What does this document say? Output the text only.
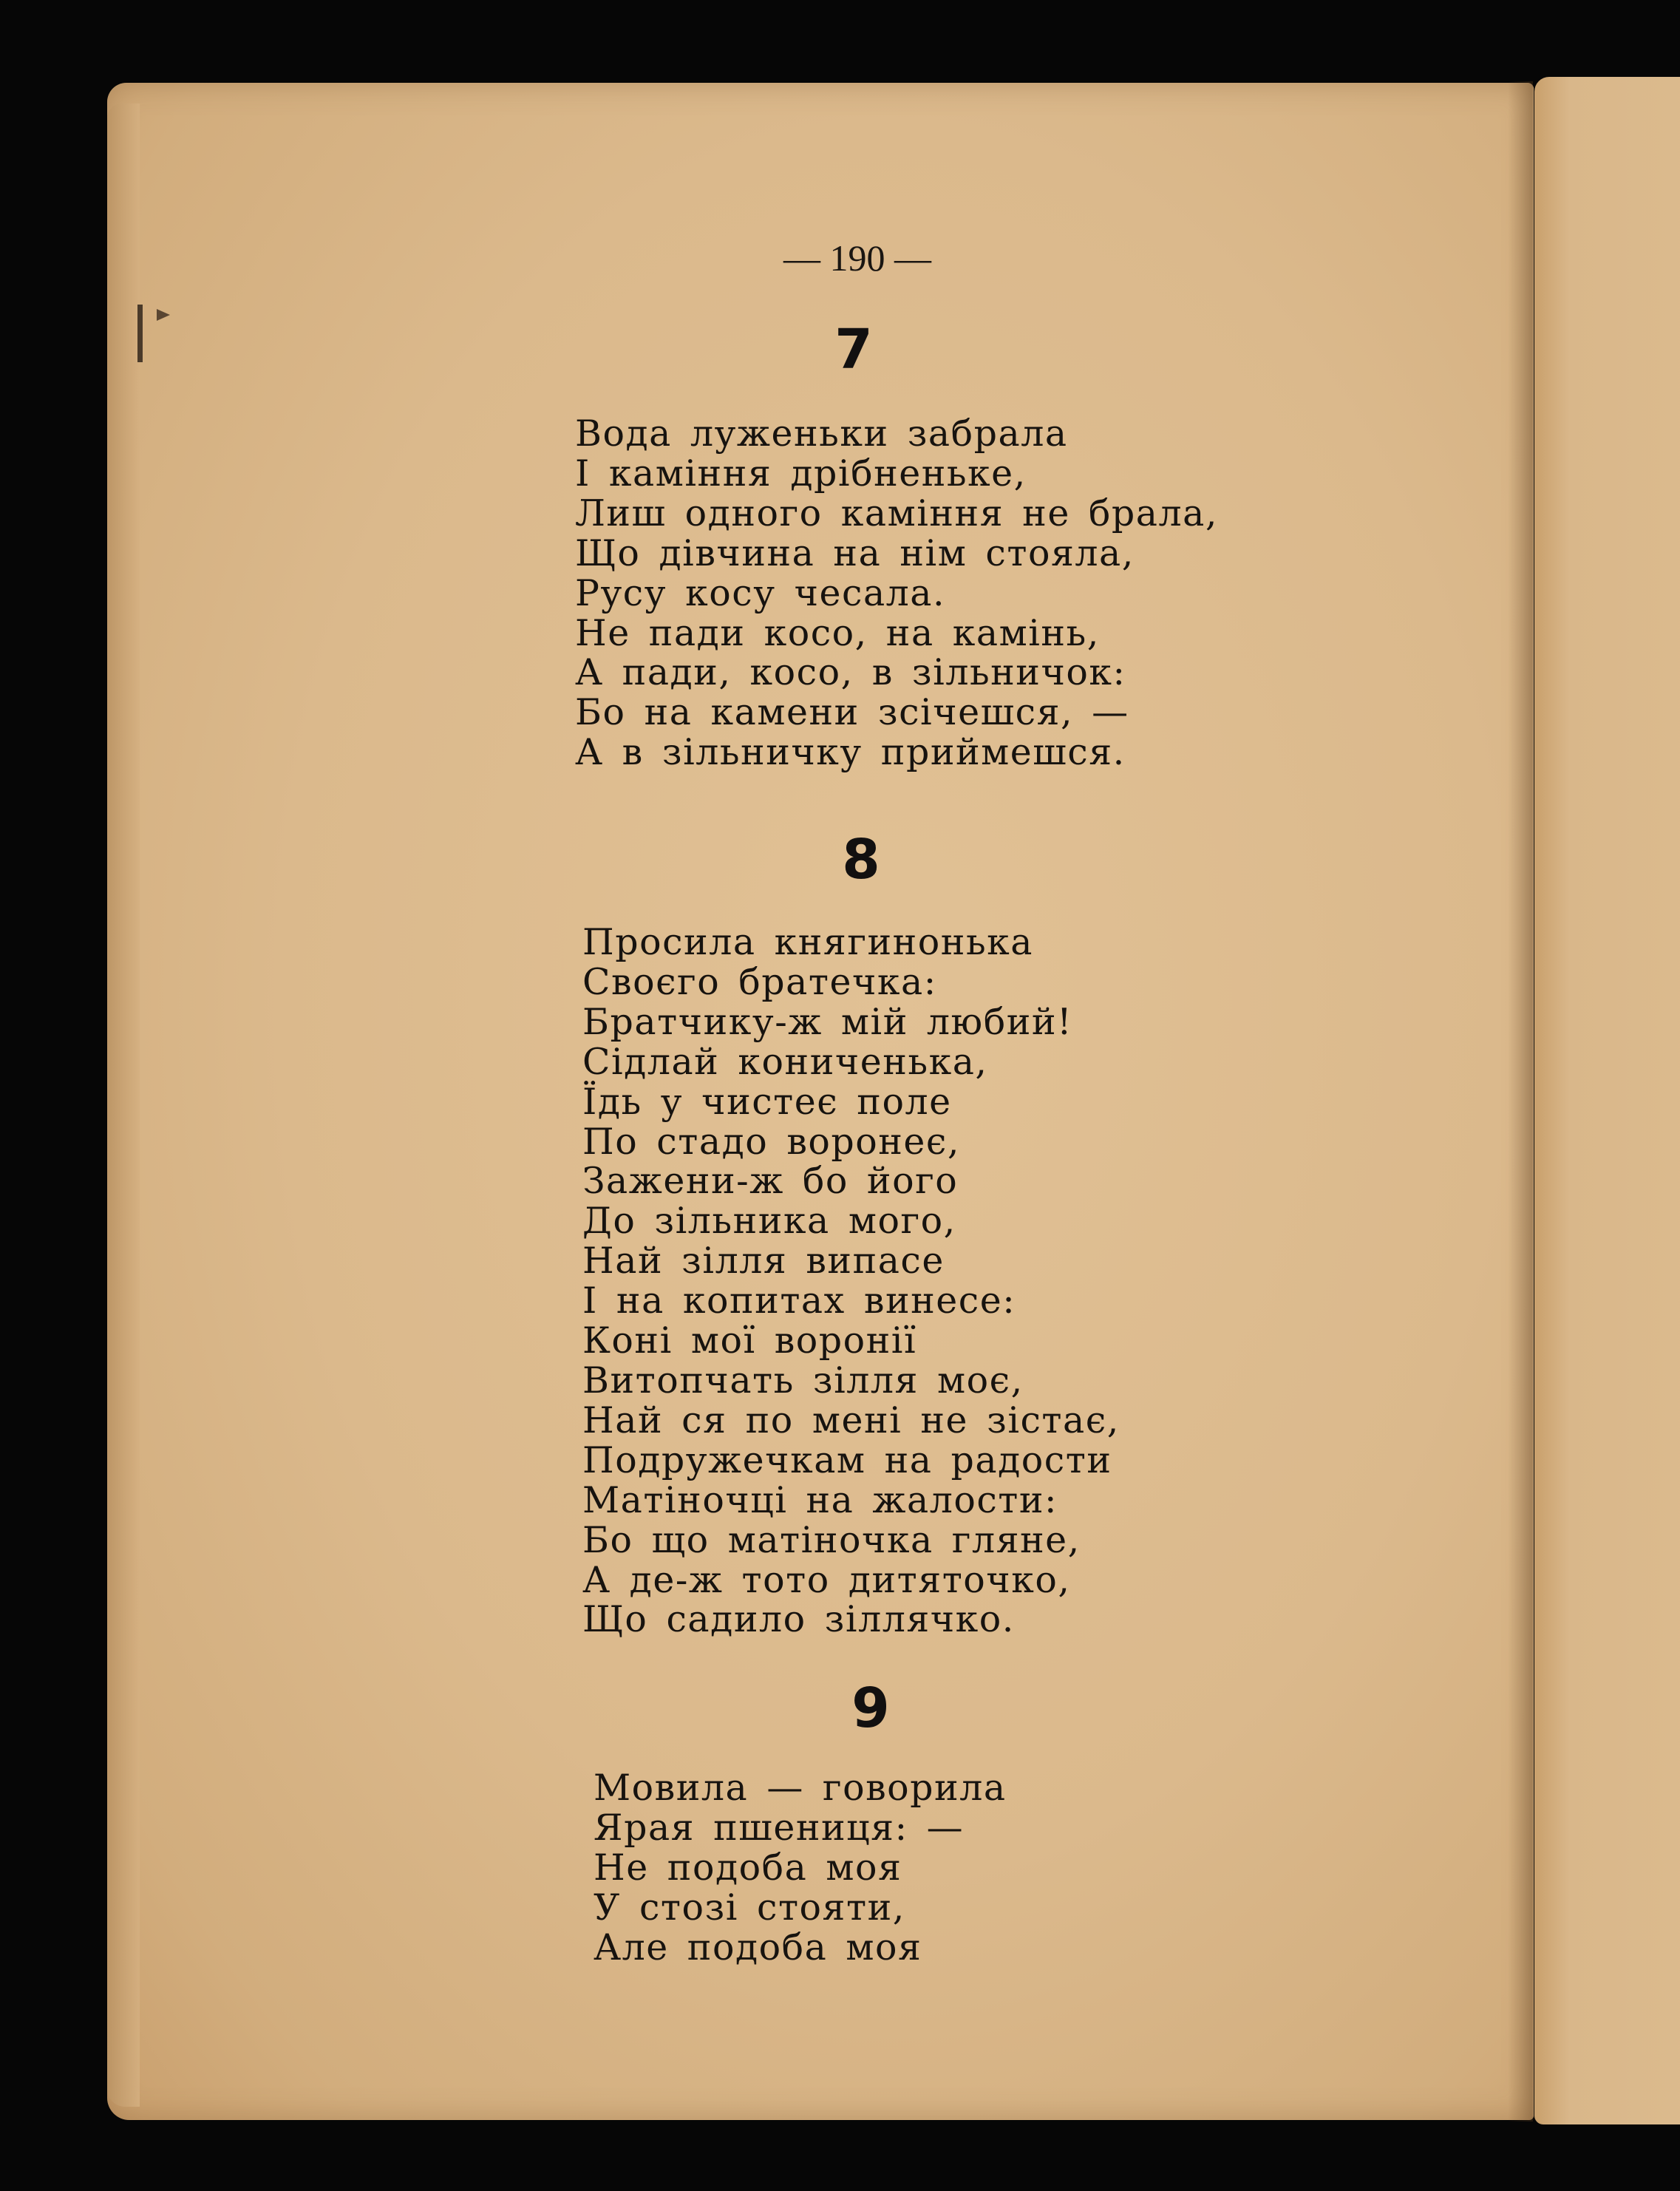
— 190 —
7
Вода луженьки забрала
І каміння дрібненьке,
Лиш одного каміння не брала,
Що дівчина на нім стояла,
Русу косу чесала.
Не пади косо, на камінь,
А пади, косо, в зільничок:
Бо на камени зсічешся, —
А в зільничку приймешся.
8
Просила княгинонька
Своєго братечка:
Братчику-ж мій любий!
Сідлай кониченька,
Їдь у чистеє поле
По стадо воронеє,
Зажени-ж бо його
До зільника мого,
Най зілля випасе
І на копитах винесе:
Коні мої воронії
Витопчать зілля моє,
Най ся по мені не зістає,
Подружечкам на радости
Матіночці на жалости:
Бо що матіночка гляне,
А де-ж тото дитяточко,
Що садило зіллячко.
9
Мовила — говорила
Ярая пшениця: —
Не подоба моя
У стозі стояти,
Але подоба моя
